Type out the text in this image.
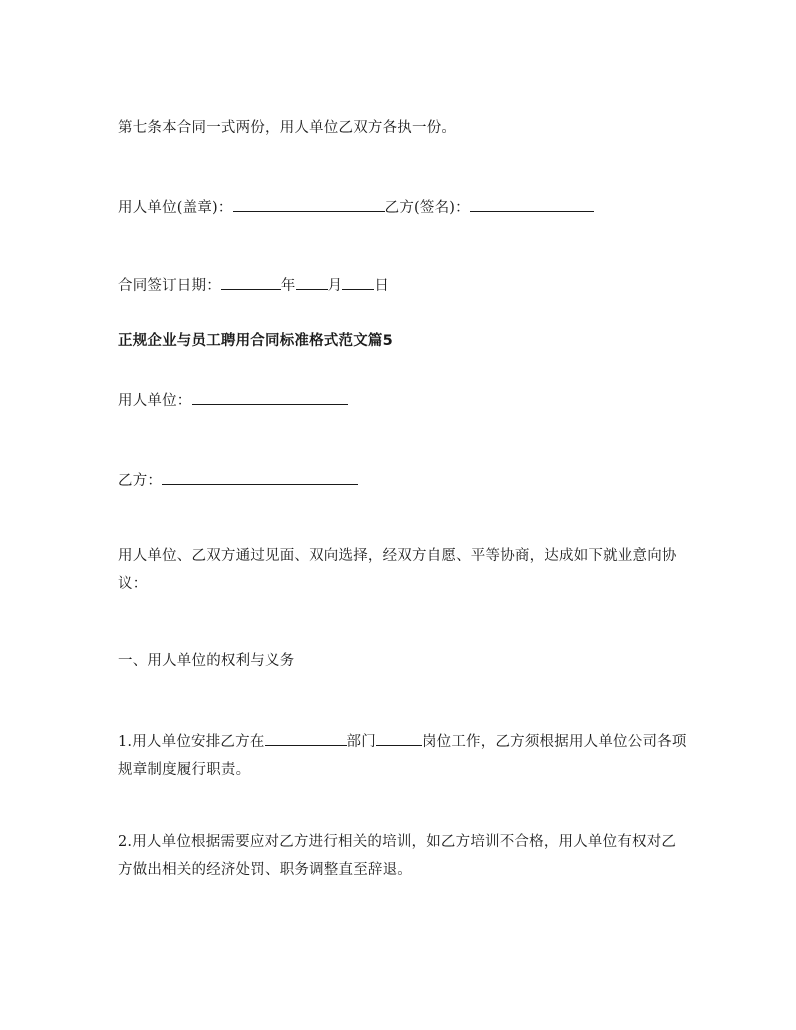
第七条本合同一式两份，用人单位乙双方各执一份。
用人单位(盖章)：	乙方(签名)：
合同签订日期：	年 月 日
正规企业与员工聘用合同标准格式范文篇5
用人单位：
乙方：
用人单位、乙双方通过见面、双向选择，经双方自愿、平等协商，达成如下就业意向协议：
一、用人单位的权利与义务
1.用人单位安排乙方在	部门	岗位工作，乙方须根据用人单位公司各项规章制度履行职责。
2.用人单位根据需要应对乙方进行相关的培训，如乙方培训不合格，用人单位有权对乙方做出相关的经济处罚、职务调整直至辞退。
